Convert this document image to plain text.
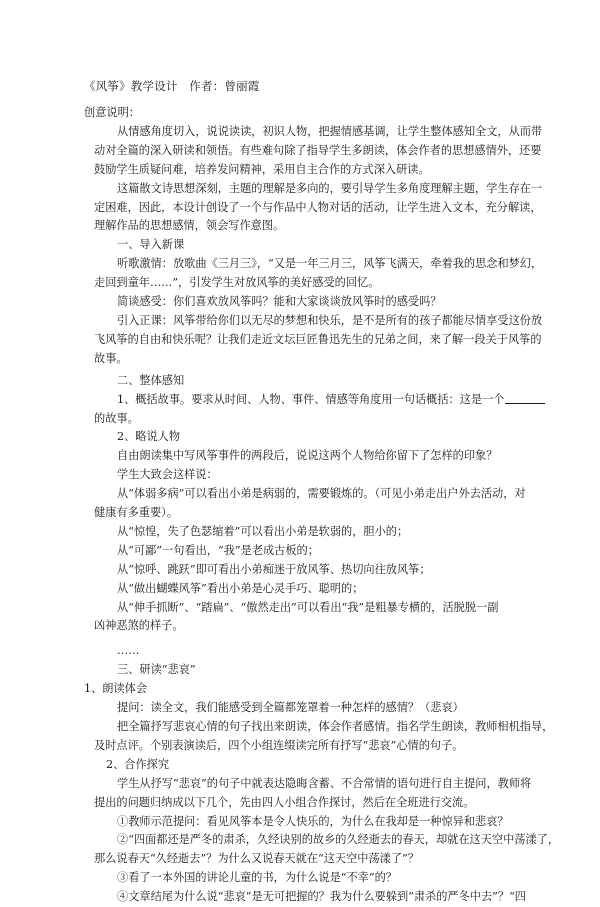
《风筝》教学设计　作者：曾丽霞
创意说明：
从情感角度切入，说说读读，初识人物，把握情感基调，让学生整体感知全文，从而带
动对全篇的深入研读和领悟。有些难句除了指导学生多朗读，体会作者的思想感情外，还要
鼓励学生质疑问难，培养发问精神，采用自主合作的方式深入研读。
这篇散文诗思想深刻，主题的理解是多向的，要引导学生多角度理解主题，学生存在一
定困难，因此，本设计创设了一个与作品中人物对话的活动，让学生进入文本，充分解读，
理解作品的思想感情，领会写作意图。
一、导入新课
听歌激情：放歌曲《三月三》，“又是一年三月三，风筝飞满天，牵着我的思念和梦幻，
走回到童年……”，引发学生对放风筝的美好感受的回忆。
简谈感受：你们喜欢放风筝吗？能和大家谈谈放风筝时的感受吗？
引入正课：风筝带给你们以无尽的梦想和快乐，是不是所有的孩子都能尽情享受这份放
飞风筝的自由和快乐呢？让我们走近文坛巨匠鲁迅先生的兄弟之间，来了解一段关于风筝的
故事。
二、整体感知
1、概括故事。要求从时间、人物、事件、情感等角度用一句话概括：这是一个
的故事。
2、略说人物
自由朗读集中写风筝事件的两段后，说说这两个人物给你留下了怎样的印象？
学生大致会这样说：
从“体弱多病”可以看出小弟是病弱的，需要锻炼的。（可见小弟走出户外去活动，对
健康有多重要）。
从“惊惶，失了色瑟缩着”可以看出小弟是软弱的，胆小的；
从“可鄙”一句看出，“我”是老成古板的；
从“惊呼、跳跃”即可看出小弟痴迷于放风筝、热切向往放风筝；
从“做出蝴蝶风筝”看出小弟是心灵手巧、聪明的；
从“伸手抓断”、“踏扁”、“傲然走出”可以看出“我”是粗暴专横的，活脱脱一副
凶神恶煞的样子。
……
三、研读“悲哀”
1、朗读体会
提问：读全文，我们能感受到全篇都笼罩着一种怎样的感情？（悲哀）
把全篇抒写悲哀心情的句子找出来朗读，体会作者感情。指名学生朗读，教师相机指导，
及时点评。个别表演读后，四个小组连缀读完所有抒写“悲哀”心情的句子。
2、合作探究
学生从抒写“悲哀”的句子中就表达隐晦含蓄、不合常情的语句进行自主提问，教师将
提出的问题归纳成以下几个，先由四人小组合作探讨，然后在全班进行交流。
①教师示范提问：看见风筝本是令人快乐的，为什么在我却是一种惊异和悲哀？
②“四面都还是严冬的肃杀，久经诀别的故乡的久经逝去的春天，却就在这天空中荡漾了，
那么说春天“久经逝去”？为什么又说春天就在“这天空中荡漾了”？
③看了一本外国的讲论儿童的书，为什么说是“不幸”的？
④文章结尾为什么说“悲哀”是无可把握的？我为什么要躲到“肃杀的严冬中去”？“四
